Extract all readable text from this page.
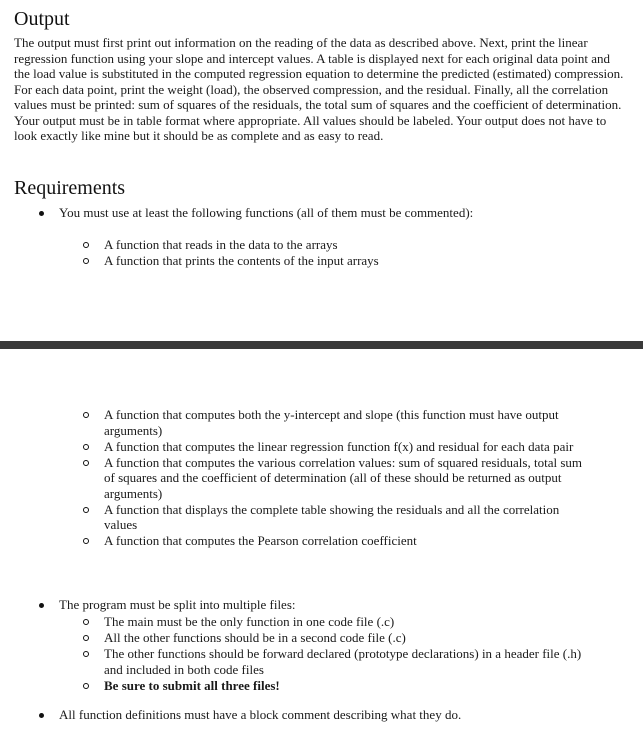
Output

The output must first print out information on the reading of the data as described above. Next, print the linear regression function using your slope and intercept values. A table is displayed next for each original data point and the load value is substituted in the computed regression equation to determine the predicted (estimated) compression. For each data point, print the weight (load), the observed compression, and the residual. Finally, all the correlation values must be printed: sum of squares of the residuals, the total sum of squares and the coefficient of determination. Your output must be in table format where appropriate. All values should be labeled. Your output does not have to look exactly like mine but it should be as complete and as easy to read.

Requirements
You must use at least the following functions (all of them must be commented):
A function that reads in the data to the arrays
A function that prints the contents of the input arrays
A function that computes both the y-intercept and slope (this function must have output arguments)
A function that computes the linear regression function f(x) and residual for each data pair
A function that computes the various correlation values: sum of squared residuals, total sum of squares and the coefficient of determination (all of these should be returned as output arguments)
A function that displays the complete table showing the residuals and all the correlation values
A function that computes the Pearson correlation coefficient
The program must be split into multiple files:
The main must be the only function in one code file (.c)
All the other functions should be in a second code file (.c)
The other functions should be forward declared (prototype declarations) in a header file (.h) and included in both code files
Be sure to submit all three files!
All function definitions must have a block comment describing what they do.
